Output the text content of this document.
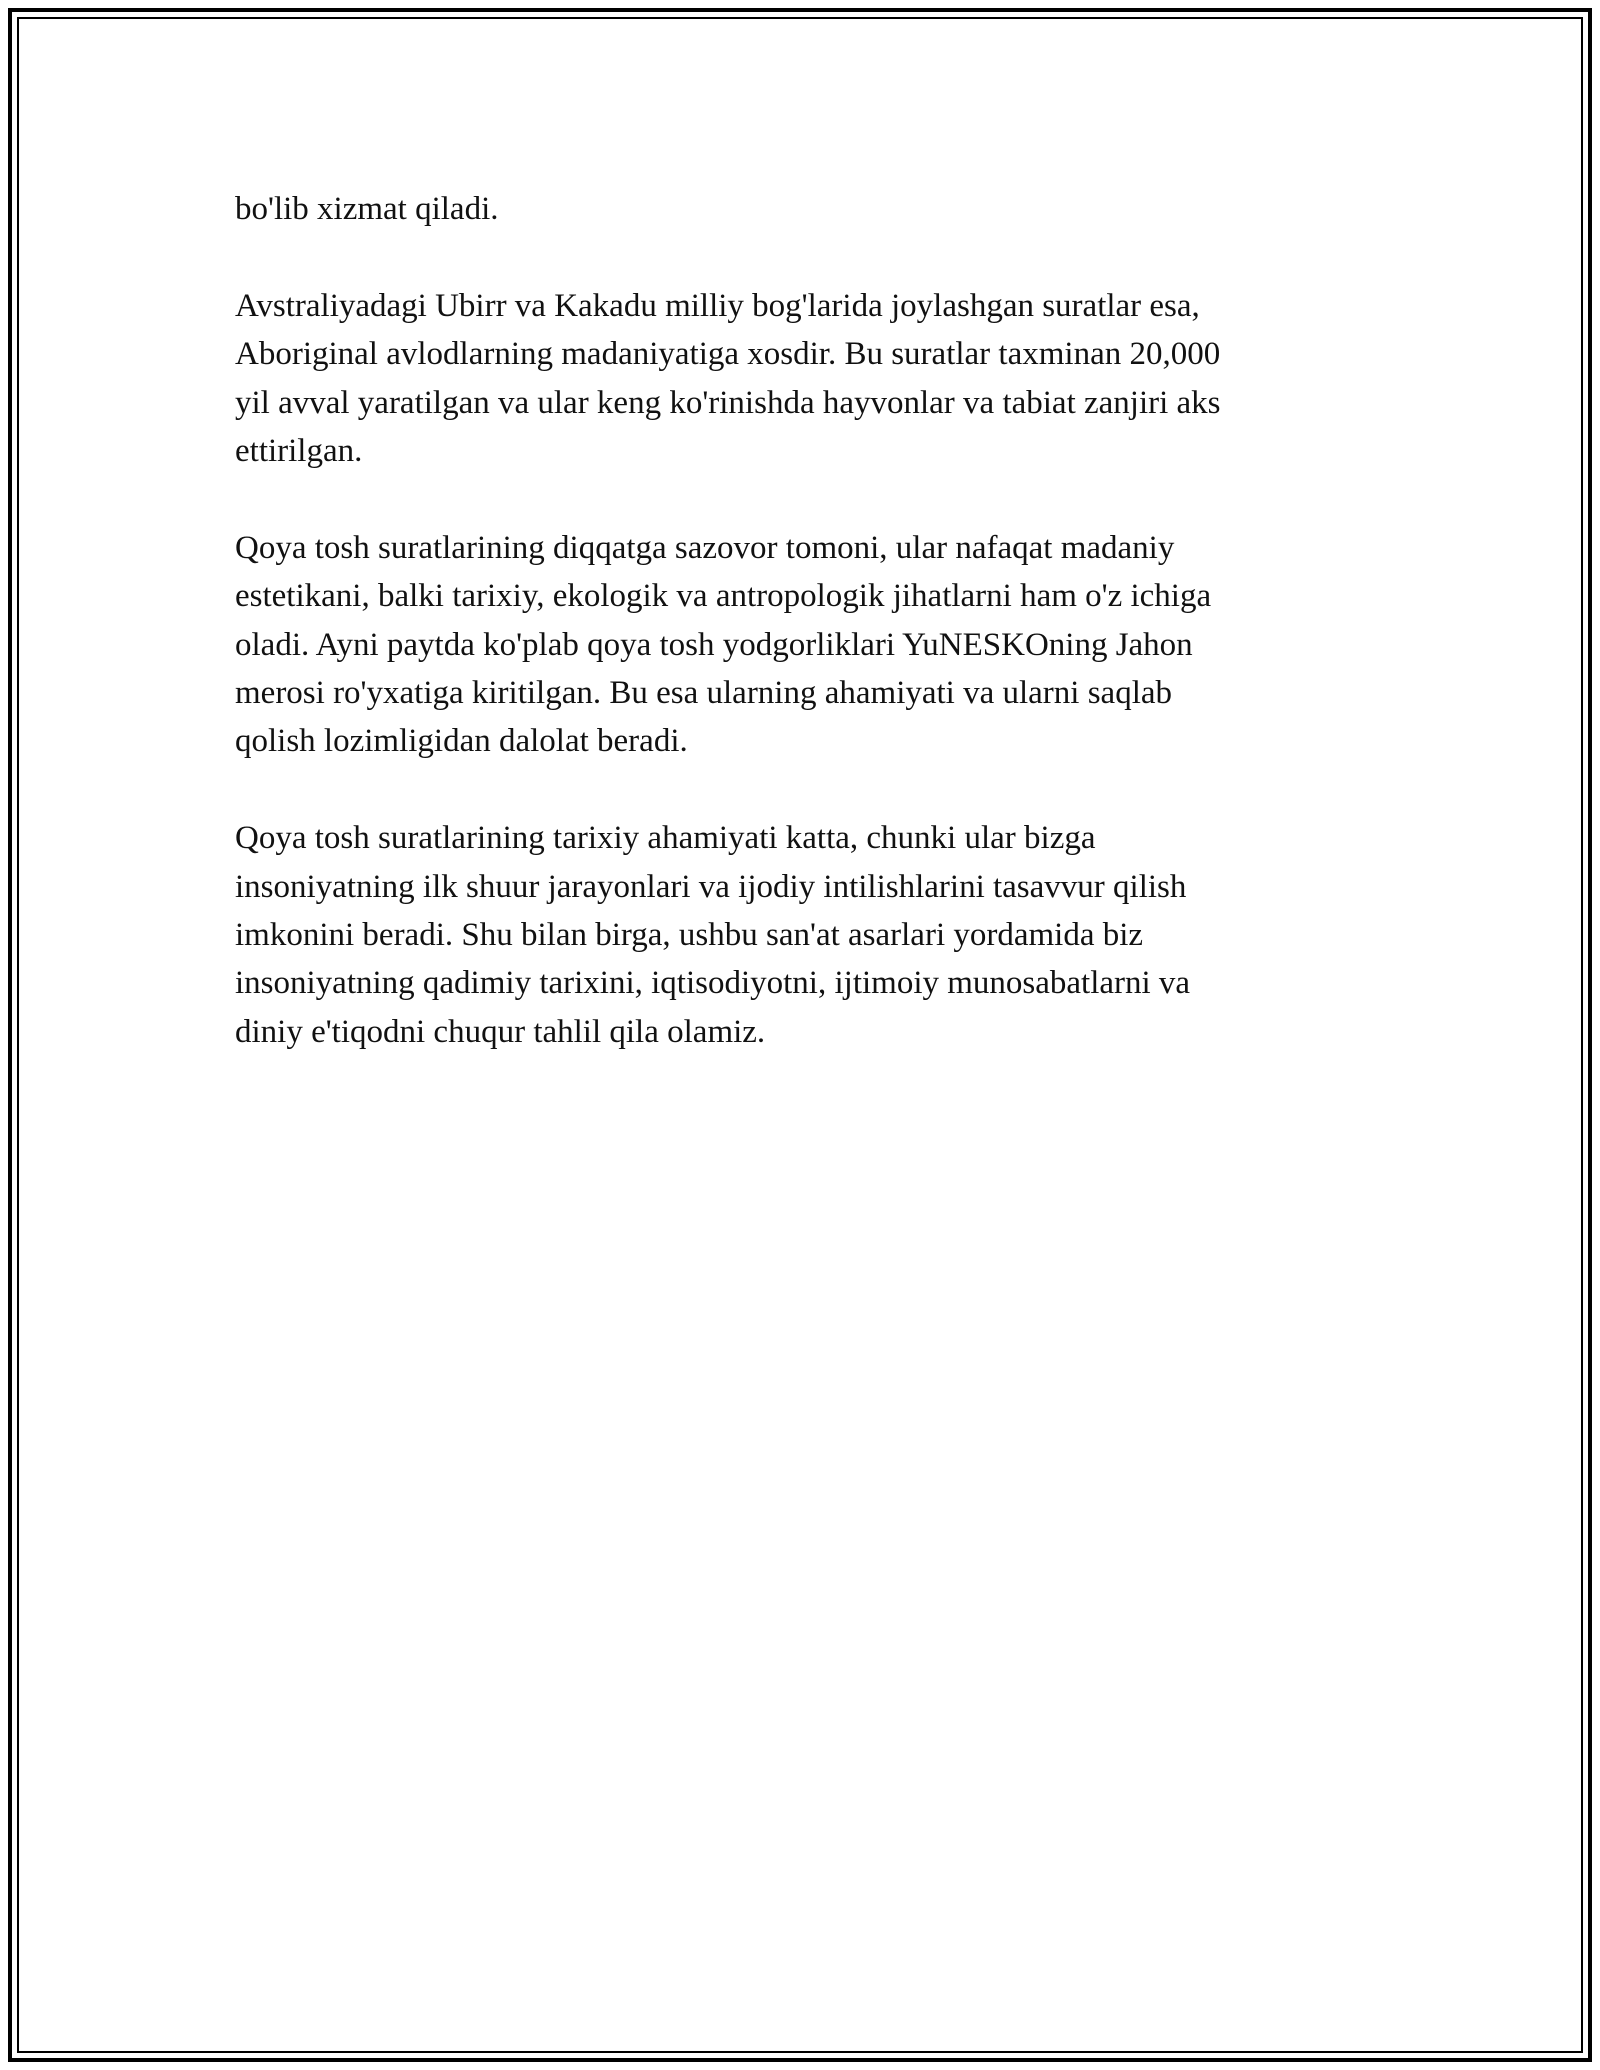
bo'lib xizmat qiladi.

Avstraliyadagi Ubirr va Kakadu milliy bog'larida joylashgan suratlar esa,
Aboriginal avlodlarning madaniyatiga xosdir. Bu suratlar taxminan 20,000
yil avval yaratilgan va ular keng ko'rinishda hayvonlar va tabiat zanjiri aks
ettirilgan.

Qoya tosh suratlarining diqqatga sazovor tomoni, ular nafaqat madaniy
estetikani, balki tarixiy, ekologik va antropologik jihatlarni ham o'z ichiga
oladi. Ayni paytda ko'plab qoya tosh yodgorliklari YuNESKOning Jahon
merosi ro'yxatiga kiritilgan. Bu esa ularning ahamiyati va ularni saqlab
qolish lozimligidan dalolat beradi.

Qoya tosh suratlarining tarixiy ahamiyati katta, chunki ular bizga
insoniyatning ilk shuur jarayonlari va ijodiy intilishlarini tasavvur qilish
imkonini beradi. Shu bilan birga, ushbu san'at asarlari yordamida biz
insoniyatning qadimiy tarixini, iqtisodiyotni, ijtimoiy munosabatlarni va
diniy e'tiqodni chuqur tahlil qila olamiz.
